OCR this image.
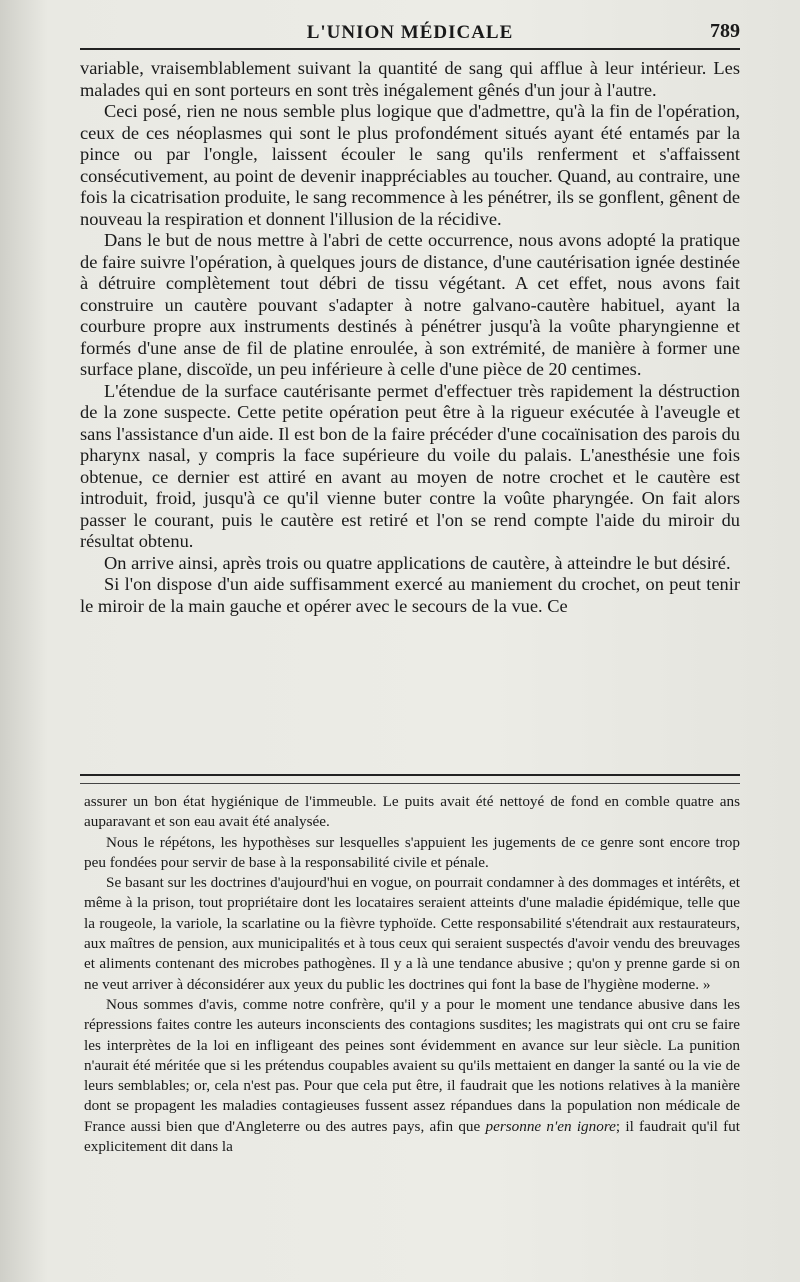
L'UNION MÉDICALE	789

variable, vraisemblablement suivant la quantité de sang qui afflue à leur intérieur. Les malades qui en sont porteurs en sont très inégalement gênés d'un jour à l'autre.

Ceci posé, rien ne nous semble plus logique que d'admettre, qu'à la fin de l'opération, ceux de ces néoplasmes qui sont le plus profondément situés ayant été entamés par la pince ou par l'ongle, laissent écouler le sang qu'ils renferment et s'affaissent consécutivement, au point de devenir inappréciables au toucher. Quand, au contraire, une fois la cicatrisation produite, le sang recommence à les pénétrer, ils se gonflent, gênent de nouveau la respiration et donnent l'illusion de la récidive.

Dans le but de nous mettre à l'abri de cette occurrence, nous avons adopté la pratique de faire suivre l'opération, à quelques jours de distance, d'une cautérisation ignée destinée à détruire complètement tout débri de tissu végétant. A cet effet, nous avons fait construire un cautère pouvant s'adapter à notre galvano-cautère habituel, ayant la courbure propre aux instruments destinés à pénétrer jusqu'à la voûte pharyngienne et formés d'une anse de fil de platine enroulée, à son extrémité, de manière à former une surface plane, discoïde, un peu inférieure à celle d'une pièce de 20 centimes.

L'étendue de la surface cautérisante permet d'effectuer très rapidement la déstruction de la zone suspecte. Cette petite opération peut être à la rigueur exécutée à l'aveugle et sans l'assistance d'un aide. Il est bon de la faire précéder d'une cocaïnisation des parois du pharynx nasal, y compris la face supérieure du voile du palais. L'anesthésie une fois obtenue, ce dernier est attiré en avant au moyen de notre crochet et le cautère est introduit, froid, jusqu'à ce qu'il vienne buter contre la voûte pharyngée. On fait alors passer le courant, puis le cautère est retiré et l'on se rend compte l'aide du miroir du résultat obtenu.

On arrive ainsi, après trois ou quatre applications de cautère, à atteindre le but désiré.

Si l'on dispose d'un aide suffisamment exercé au maniement du crochet, on peut tenir le miroir de la main gauche et opérer avec le secours de la vue. Ce

assurer un bon état hygiénique de l'immeuble. Le puits avait été nettoyé de fond en comble quatre ans auparavant et son eau avait été analysée.

Nous le répétons, les hypothèses sur lesquelles s'appuient les jugements de ce genre sont encore trop peu fondées pour servir de base à la responsabilité civile et pénale.

Se basant sur les doctrines d'aujourd'hui en vogue, on pourrait condamner à des dommages et intérêts, et même à la prison, tout propriétaire dont les locataires seraient atteints d'une maladie épidémique, telle que la rougeole, la variole, la scarlatine ou la fièvre typhoïde. Cette responsabilité s'étendrait aux restaurateurs, aux maîtres de pension, aux municipalités et à tous ceux qui seraient suspectés d'avoir vendu des breuvages et aliments contenant des microbes pathogènes. Il y a là une tendance abusive ; qu'on y prenne garde si on ne veut arriver à déconsidérer aux yeux du public les doctrines qui font la base de l'hygiène moderne. »

Nous sommes d'avis, comme notre confrère, qu'il y a pour le moment une tendance abusive dans les répressions faites contre les auteurs inconscients des contagions susdites; les magistrats qui ont cru se faire les interprètes de la loi en infligeant des peines sont évidemment en avance sur leur siècle. La punition n'aurait été méritée que si les prétendus coupables avaient su qu'ils mettaient en danger la santé ou la vie de leurs semblables; or, cela n'est pas. Pour que cela put être, il faudrait que les notions relatives à la manière dont se propagent les maladies contagieuses fussent assez répandues dans la population non médicale de France aussi bien que d'Angleterre ou des autres pays, afin que personne n'en ignore; il faudrait qu'il fut explicitement dit dans la
